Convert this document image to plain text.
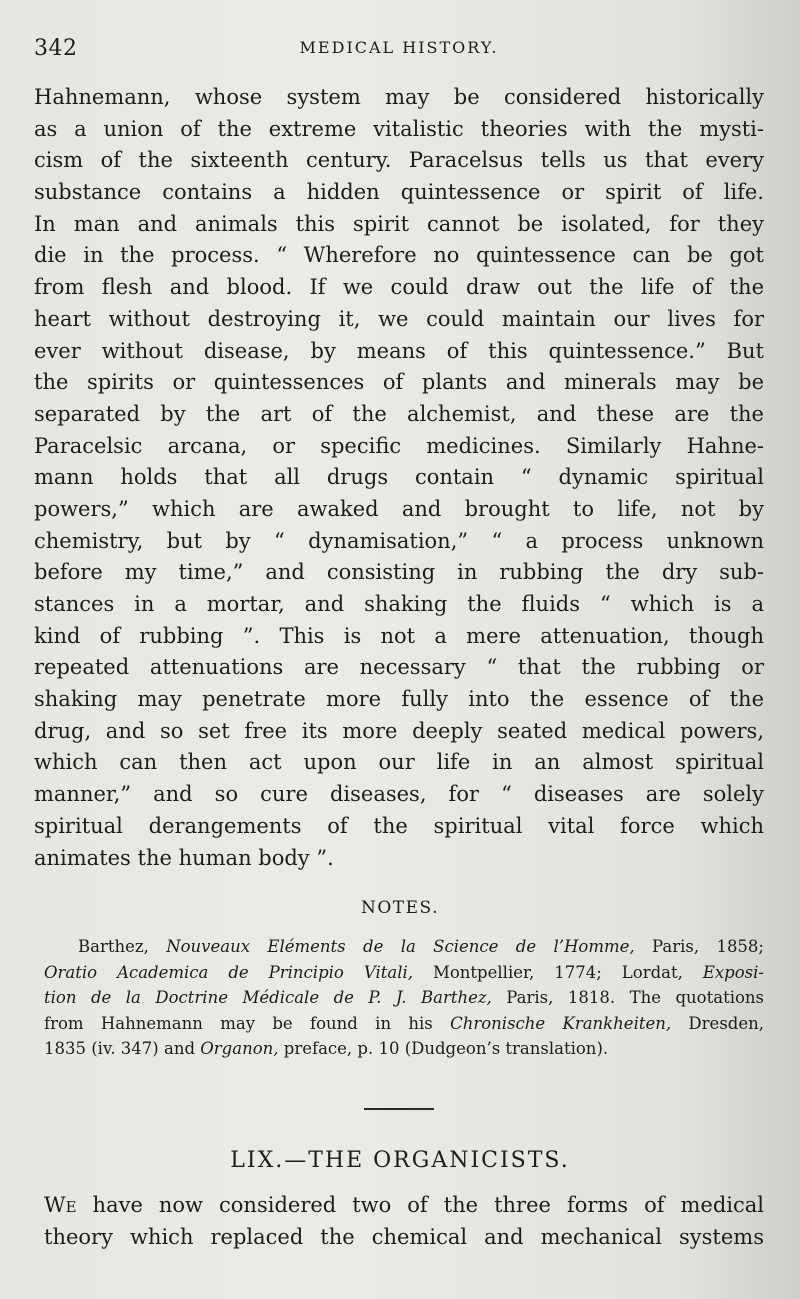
342	MEDICAL HISTORY.
Hahnemann, whose system may be considered historically
as a union of the extreme vitalistic theories with the mysti-
cism of the sixteenth century. Paracelsus tells us that every
substance contains a hidden quintessence or spirit of life.
In man and animals this spirit cannot be isolated, for they
die in the process. “ Wherefore no quintessence can be got
from flesh and blood. If we could draw out the life of the
heart without destroying it, we could maintain our lives for
ever without disease, by means of this quintessence.” But
the spirits or quintessences of plants and minerals may be
separated by the art of the alchemist, and these are the
Paracelsic arcana, or specific medicines. Similarly Hahne-
mann holds that all drugs contain “ dynamic spiritual
powers,” which are awaked and brought to life, not by
chemistry, but by “ dynamisation,” “ a process unknown
before my time,” and consisting in rubbing the dry sub-
stances in a mortar, and shaking the fluids “ which is a
kind of rubbing ”. This is not a mere attenuation, though
repeated attenuations are necessary “ that the rubbing or
shaking may penetrate more fully into the essence of the
drug, and so set free its more deeply seated medical powers,
which can then act upon our life in an almost spiritual
manner,” and so cure diseases, for “ diseases are solely
spiritual derangements of the spiritual vital force which
animates the human body ”.
NOTES.
Barthez, Nouveaux Eléments de la Science de l’Homme, Paris, 1858;
Oratio Academica de Principio Vitali, Montpellier, 1774; Lordat, Exposi-
tion de la Doctrine Médicale de P. J. Barthez, Paris, 1818. The quotations
from Hahnemann may be found in his Chronische Krankheiten, Dresden,
1835 (iv. 347) and Organon, preface, p. 10 (Dudgeon’s translation).
LIX.—THE ORGANICISTS.
We have now considered two of the three forms of medical
theory which replaced the chemical and mechanical systems
